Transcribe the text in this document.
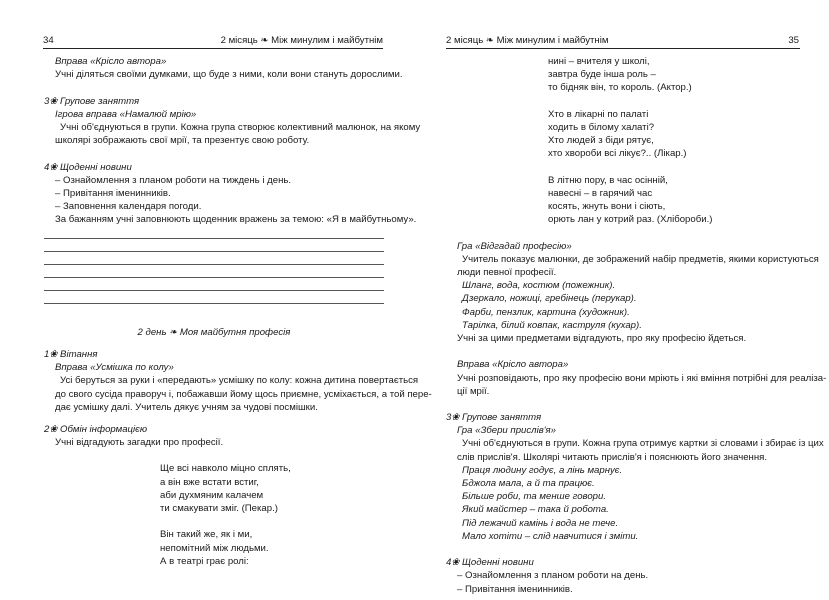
34	2 місяць ❧ Між минулим і майбутнім
Вправа «Крісло автора»
Учні діляться своїми думками, що буде з ними, коли вони стануть дорослими.
3❀ Групове заняття
Ігрова вправа «Намалюй мрію»
Учні об'єднуються в групи. Кожна група створює колективний малюнок, на якому
школярі зображають свої мрії, та презентує свою роботу.
4❀ Щоденні новини
– Ознайомлення з планом роботи на тиждень і день.
– Привітання іменинників.
– Заповнення календаря погоди.
За бажанням учні заповнюють щоденник вражень за темою: «Я в майбутньому».
2 день ❧ Моя майбутня професія
1❀ Вітання
Вправа «Усмішка по колу»
Усі беруться за руки і «передають» усмішку по колу: кожна дитина повертається
до свого сусіда праворуч і, побажавши йому щось приємне, усміхається, а той пере-
дає усмішку далі. Учитель дякує учням за чудові посмішки.
2❀ Обмін інформацією
Учні відгадують загадки про професії.
Ще всі навколо міцно сплять,
а він вже встати встиг,
аби духмяним калачем
ти смакувати зміг. (Пекар.)
Він такий же, як і ми,
непомітний між людьми.
А в театрі грає ролі:
2 місяць ❧ Між минулим і майбутнім	35
нині – вчителя у школі,
завтра буде інша роль –
то бідняк він, то король. (Актор.)
Хто в лікарні по палаті
ходить в білому халаті?
Хто людей з біди рятує,
хто хвороби всі лікує?.. (Лікар.)
В літню пору, в час осінній,
навесні – в гарячий час
косять, жнуть вони і сіють,
орють лан у котрий раз. (Хлібороби.)
Гра «Відгадай професію»
Учитель показує малюнки, де зображений набір предметів, якими користуються
люди певної професії.
Шланг, вода, костюм (пожежник).
Дзеркало, ножиці, гребінець (перукар).
Фарби, пензлик, картина (художник).
Тарілка, білий ковпак, каструля (кухар).
Учні за цими предметами відгадують, про яку професію йдеться.
Вправа «Крісло автора»
Учні розповідають, про яку професію вони мріють і які вміння потрібні для реаліза-
ції мрії.
3❀ Групове заняття
Гра «Збери прислів'я»
Учні об'єднуються в групи. Кожна група отримує картки зі словами і збирає із цих
слів прислів'я. Школярі читають прислів'я і пояснюють його значення.
Праця людину годує, а лінь марнує.
Бджола мала, а й та працює.
Більше роби, та менше говори.
Який майстер – така й робота.
Під лежачий камінь і вода не тече.
Мало хотіти – слід навчитися і зміти.
4❀ Щоденні новини
– Ознайомлення з планом роботи на день.
– Привітання іменинників.
